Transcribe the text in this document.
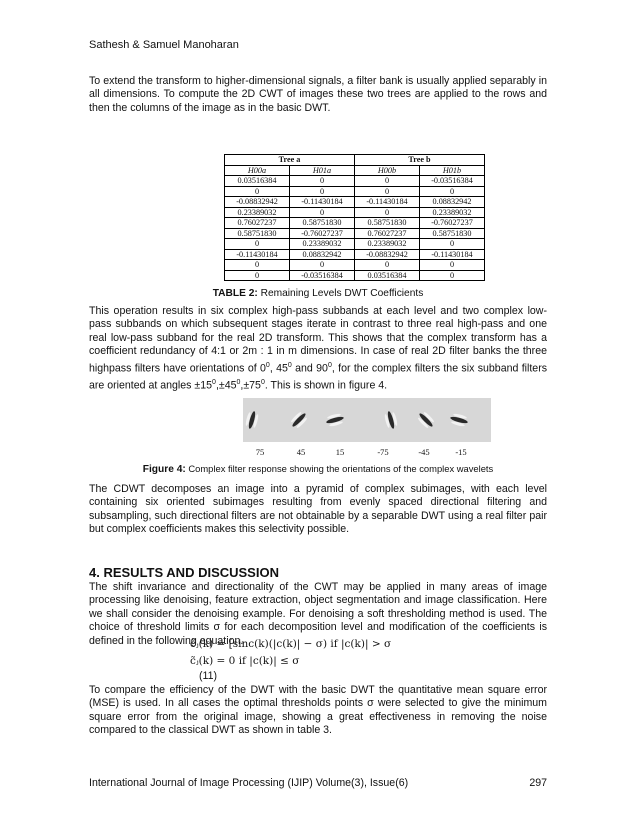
Sathesh & Samuel Manoharan
To extend the transform to higher-dimensional signals, a filter bank is usually applied separably in all dimensions. To compute the 2D CWT of images these two trees are applied to the rows and then the columns of the image as in the basic DWT.
Tree a		Tree b	
H00a	H01a	H00b	H01b
0.03516384	0	0	-0.03516384
0	0	0	0
-0.08832942	-0.11430184	-0.11430184	0.08832942
0.23389032	0	0	0.23389032
0.76027237	0.58751830	0.58751830	-0.76027237
0.58751830	-0.76027237	0.76027237	0.58751830
0	0.23389032	0.23389032	0
-0.11430184	0.08832942	-0.08832942	-0.11430184
0	0	0	0
0	-0.03516384	0.03516384	0
TABLE 2: Remaining Levels DWT Coefficients
This operation results in six complex high-pass subbands at each level and two complex low-pass subbands on which subsequent stages iterate in contrast to three real high-pass and one real low-pass subband for the real 2D transform. This shows that the complex transform has a coefficient redundancy of 4:1 or 2m : 1 in m dimensions. In case of real 2D filter banks the three highpass filters have orientations of $0^0$, $45^0$ and $90^0$, for the complex filters the six subband filters are oriented at angles $\pm 15^0,\pm 45^0,\pm 75^0$. This is shown in figure 4.
75	45	15	-75	-45	-15
Figure 4: Complex filter response showing the orientations of the complex wavelets
The CDWT decomposes an image into a pyramid of complex subimages, with each level containing six oriented subimages resulting from evenly spaced directional filtering and subsampling, such directional filters are not obtainable by a separable DWT using a real filter pair but complex coefficients makes this selectivity possible.
4. RESULTS AND DISCUSSION
The shift invariance and directionality of the CWT may be applied in many areas of image processing like denoising, feature extraction, object segmentation and image classification. Here we shall consider the denoising example. For denoising a soft thresholding method is used. The choice of threshold limits σ for each decomposition level and modification of the coefficients is defined in the following equation.
c̃ⱼ(k) = [sinc(k)(|c(k)| − σ) if |c(k)| > σ
c̃ⱼ(k) = 0 if |c(k)| ≤ σ
(11)
To compare the efficiency of the DWT with the basic DWT the quantitative mean square error (MSE) is used. In all cases the optimal thresholds points σ were selected to give the minimum square error from the original image, showing a great effectiveness in removing the noise compared to the classical DWT as shown in table 3.
International Journal of Image Processing (IJIP) Volume(3), Issue(6)	297
